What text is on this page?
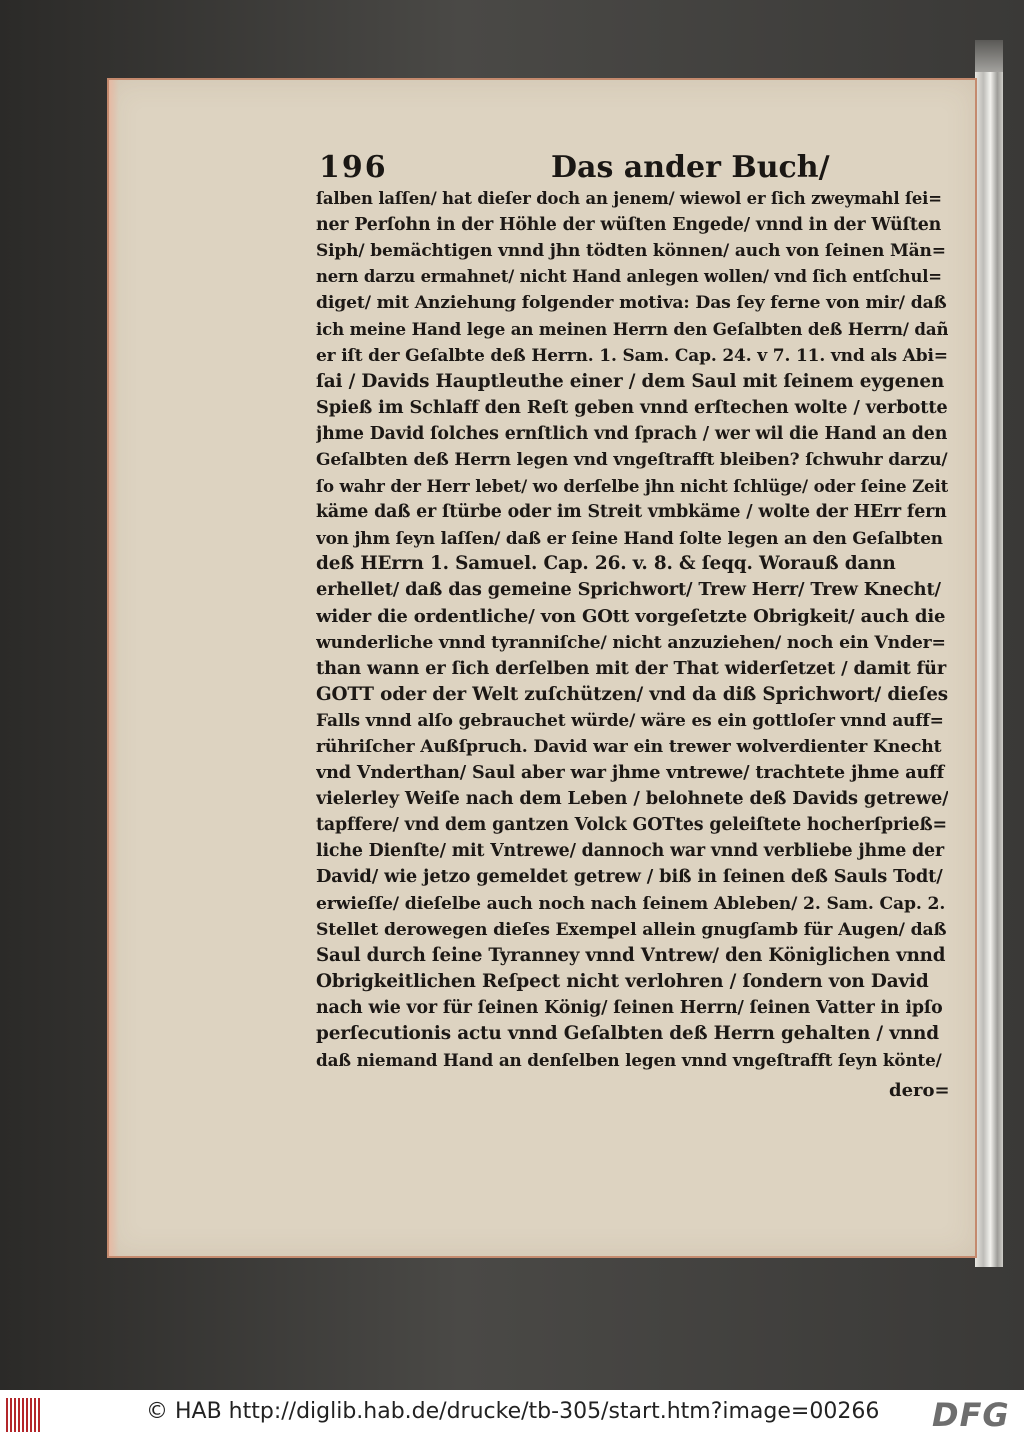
196	Das ander Buch/
ſalben laſſen/ hat dieſer doch an jenem/ wiewol er ſich zweymahl ſei=
ner Perſohn in der Höhle der wüſten Engede/ vnnd in der Wüſten
Siph/ bemächtigen vnnd jhn tödten können/ auch von ſeinen Män=
nern darzu ermahnet/ nicht Hand anlegen wollen/ vnd ſich entſchul=
diget/ mit Anziehung folgender motiva: Das ſey ferne von mir/ daß
ich meine Hand lege an meinen Herrn den Geſalbten deß Herrn/ dañ
er iſt der Geſalbte deß Herrn. 1. Sam. Cap. 24. v 7. 11. vnd als Abi=
ſai / Davids Hauptleuthe einer / dem Saul mit ſeinem eygenen
Spieß im Schlaff den Reſt geben vnnd erſtechen wolte / verbotte
jhme David ſolches ernſtlich vnd ſprach / wer wil die Hand an den
Geſalbten deß Herrn legen vnd vngeſtrafft bleiben? ſchwuhr darzu/
ſo wahr der Herr lebet/ wo derſelbe jhn nicht ſchlüge/ oder ſeine Zeit
käme daß er ſtürbe oder im Streit vmbkäme / wolte der HErr fern
von jhm ſeyn laſſen/ daß er ſeine Hand ſolte legen an den Geſalbten
deß HErrn 1. Samuel. Cap. 26. v. 8. & ſeqq. Worauß dann
erhellet/ daß das gemeine Sprichwort/ Trew Herr/ Trew Knecht/
wider die ordentliche/ von GOtt vorgeſetzte Obrigkeit/ auch die
wunderliche vnnd tyranniſche/ nicht anzuziehen/ noch ein Vnder=
than wann er ſich derſelben mit der That widerſetzet / damit für
GOTT oder der Welt zuſchützen/ vnd da diß Sprichwort/ dieſes
Falls vnnd alſo gebrauchet würde/ wäre es ein gottloſer vnnd auff=
rühriſcher Außſpruch. David war ein trewer wolverdienter Knecht
vnd Vnderthan/ Saul aber war jhme vntrewe/ trachtete jhme auff
vielerley Weiſe nach dem Leben / belohnete deß Davids getrewe/
tapffere/ vnd dem gantzen Volck GOTtes geleiſtete hocherſprieß=
liche Dienſte/ mit Vntrewe/ dannoch war vnnd verbliebe jhme der
David/ wie jetzo gemeldet getrew / biß in ſeinen deß Sauls Todt/
erwieſſe/ dieſelbe auch noch nach ſeinem Ableben/ 2. Sam. Cap. 2.
Stellet derowegen dieſes Exempel allein gnugſamb für Augen/ daß
Saul durch ſeine Tyranney vnnd Vntrew/ den Königlichen vnnd
Obrigkeitlichen Reſpect nicht verlohren / ſondern von David
nach wie vor für ſeinen König/ ſeinen Herrn/ ſeinen Vatter in ipſo
perſecutionis actu vnnd Geſalbten deß Herrn gehalten / vnnd
daß niemand Hand an denſelben legen vnnd vngeſtrafft ſeyn könte/
dero=
© HAB http://diglib.hab.de/drucke/tb-305/start.htm?image=00266 DFG
